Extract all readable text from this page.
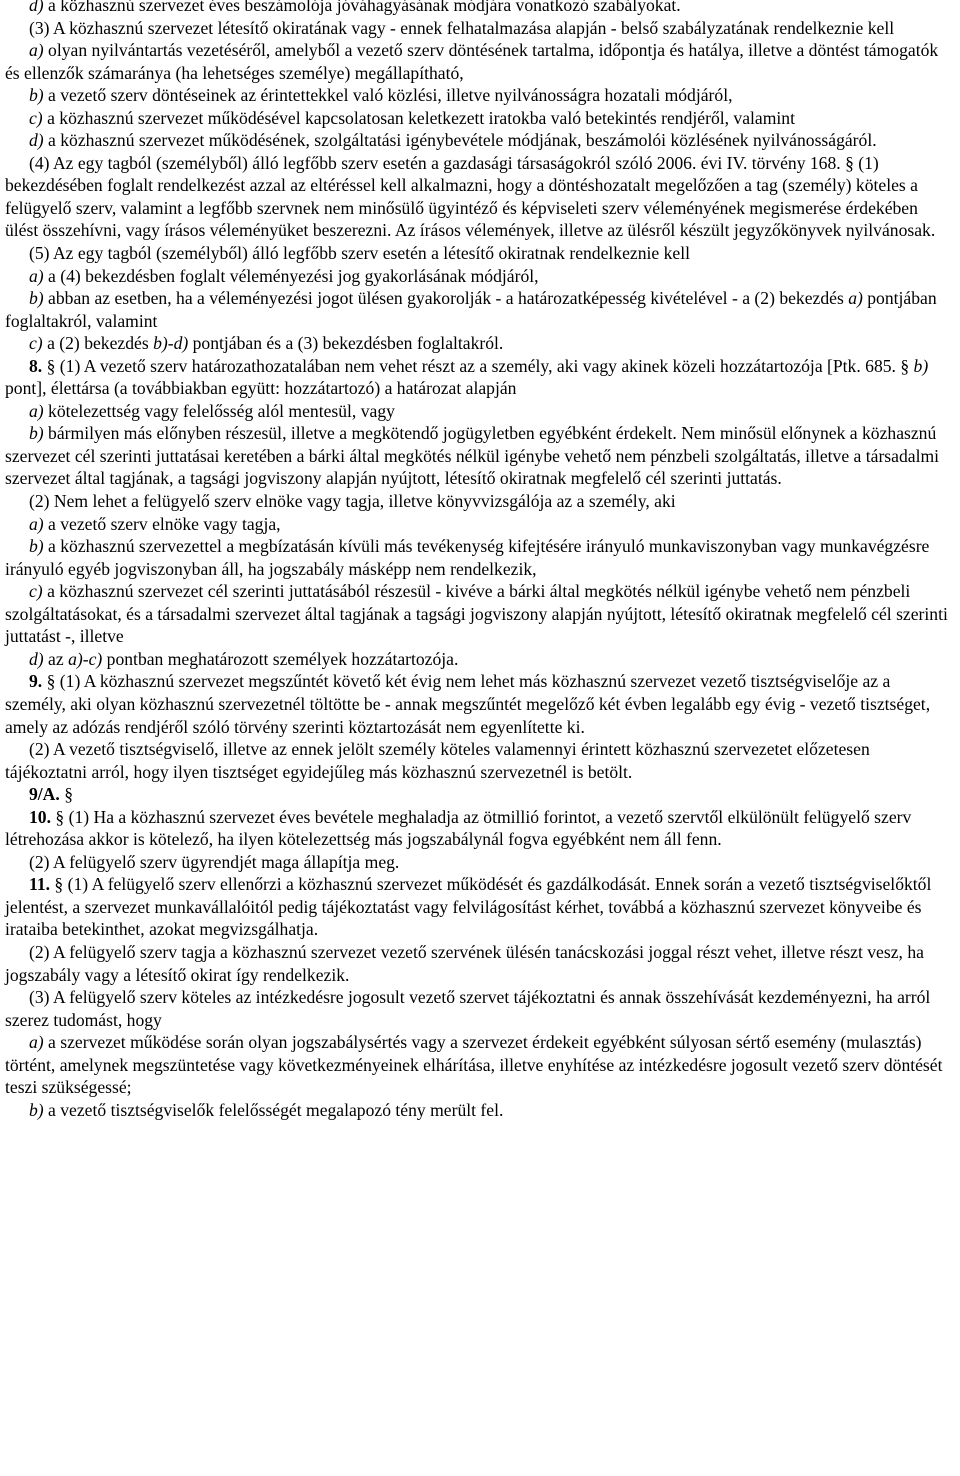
d) a közhasznú szervezet éves beszámolója jóváhagyásának módjára vonatkozó szabályokat.

(3) A közhasznú szervezet létesítő okiratának vagy - ennek felhatalmazása alapján - belső szabályzatának rendelkeznie kell

a) olyan nyilvántartás vezetéséről, amelyből a vezető szerv döntésének tartalma, időpontja és hatálya, illetve a döntést támogatók és ellenzők számaránya (ha lehetséges személye) megállapítható,

b) a vezető szerv döntéseinek az érintettekkel való közlési, illetve nyilvánosságra hozatali módjáról,

c) a közhasznú szervezet működésével kapcsolatosan keletkezett iratokba való betekintés rendjéről, valamint

d) a közhasznú szervezet működésének, szolgáltatási igénybevétele módjának, beszámolói közlésének nyilvánosságáról.

(4) Az egy tagból (személyből) álló legfőbb szerv esetén a gazdasági társaságokról szóló 2006. évi IV. törvény 168. § (1) bekezdésében foglalt rendelkezést azzal az eltéréssel kell alkalmazni, hogy a döntéshozatalt megelőzően a tag (személy) köteles a felügyelő szerv, valamint a legfőbb szervnek nem minősülő ügyintéző és képviseleti szerv véleményének megismerése érdekében ülést összehívni, vagy írásos véleményüket beszerezni. Az írásos vélemények, illetve az ülésről készült jegyzőkönyvek nyilvánosak.

(5) Az egy tagból (személyből) álló legfőbb szerv esetén a létesítő okiratnak rendelkeznie kell

a) a (4) bekezdésben foglalt véleményezési jog gyakorlásának módjáról,

b) abban az esetben, ha a véleményezési jogot ülésen gyakorolják - a határozatképesség kivételével - a (2) bekezdés a) pontjában foglaltakról, valamint

c) a (2) bekezdés b)-d) pontjában és a (3) bekezdésben foglaltakról.

8. § (1) A vezető szerv határozathozatalában nem vehet részt az a személy, aki vagy akinek közeli hozzátartozója [Ptk. 685. § b) pont], élettársa (a továbbiakban együtt: hozzátartozó) a határozat alapján

a) kötelezettség vagy felelősség alól mentesül, vagy

b) bármilyen más előnyben részesül, illetve a megkötendő jogügyletben egyébként érdekelt. Nem minősül előnynek a közhasznú szervezet cél szerinti juttatásai keretében a bárki által megkötés nélkül igénybe vehető nem pénzbeli szolgáltatás, illetve a társadalmi szervezet által tagjának, a tagsági jogviszony alapján nyújtott, létesítő okiratnak megfelelő cél szerinti juttatás.

(2) Nem lehet a felügyelő szerv elnöke vagy tagja, illetve könyvvizsgálója az a személy, aki

a) a vezető szerv elnöke vagy tagja,

b) a közhasznú szervezettel a megbízatásán kívüli más tevékenység kifejtésére irányuló munkaviszonyban vagy munkavégzésre irányuló egyéb jogviszonyban áll, ha jogszabály másképp nem rendelkezik,

c) a közhasznú szervezet cél szerinti juttatásából részesül - kivéve a bárki által megkötés nélkül igénybe vehető nem pénzbeli szolgáltatásokat, és a társadalmi szervezet által tagjának a tagsági jogviszony alapján nyújtott, létesítő okiratnak megfelelő cél szerinti juttatást -, illetve

d) az a)-c) pontban meghatározott személyek hozzátartozója.

9. § (1) A közhasznú szervezet megszűntét követő két évig nem lehet más közhasznú szervezet vezető tisztségviselője az a személy, aki olyan közhasznú szervezetnél töltötte be - annak megszűntét megelőző két évben legalább egy évig - vezető tisztséget, amely az adózás rendjéről szóló törvény szerinti köztartozását nem egyenlítette ki.

(2) A vezető tisztségviselő, illetve az ennek jelölt személy köteles valamennyi érintett közhasznú szervezetet előzetesen tájékoztatni arról, hogy ilyen tisztséget egyidejűleg más közhasznú szervezetnél is betölt.

9/A. §

10. § (1) Ha a közhasznú szervezet éves bevétele meghaladja az ötmillió forintot, a vezető szervtől elkülönült felügyelő szerv létrehozása akkor is kötelező, ha ilyen kötelezettség más jogszabálynál fogva egyébként nem áll fenn.

(2) A felügyelő szerv ügyrendjét maga állapítja meg.

11. § (1) A felügyelő szerv ellenőrzi a közhasznú szervezet működését és gazdálkodását. Ennek során a vezető tisztségviselőktől jelentést, a szervezet munkavállalóitól pedig tájékoztatást vagy felvilágosítást kérhet, továbbá a közhasznú szervezet könyveibe és irataiba betekinthet, azokat megvizsgálhatja.

(2) A felügyelő szerv tagja a közhasznú szervezet vezető szervének ülésén tanácskozási joggal részt vehet, illetve részt vesz, ha jogszabály vagy a létesítő okirat így rendelkezik.

(3) A felügyelő szerv köteles az intézkedésre jogosult vezető szervet tájékoztatni és annak összehívását kezdeményezni, ha arról szerez tudomást, hogy

a) a szervezet működése során olyan jogszabálysértés vagy a szervezet érdekeit egyébként súlyosan sértő esemény (mulasztás) történt, amelynek megszüntetése vagy következményeinek elhárítása, illetve enyhítése az intézkedésre jogosult vezető szerv döntését teszi szükségessé;

b) a vezető tisztségviselők felelősségét megalapozó tény merült fel.
